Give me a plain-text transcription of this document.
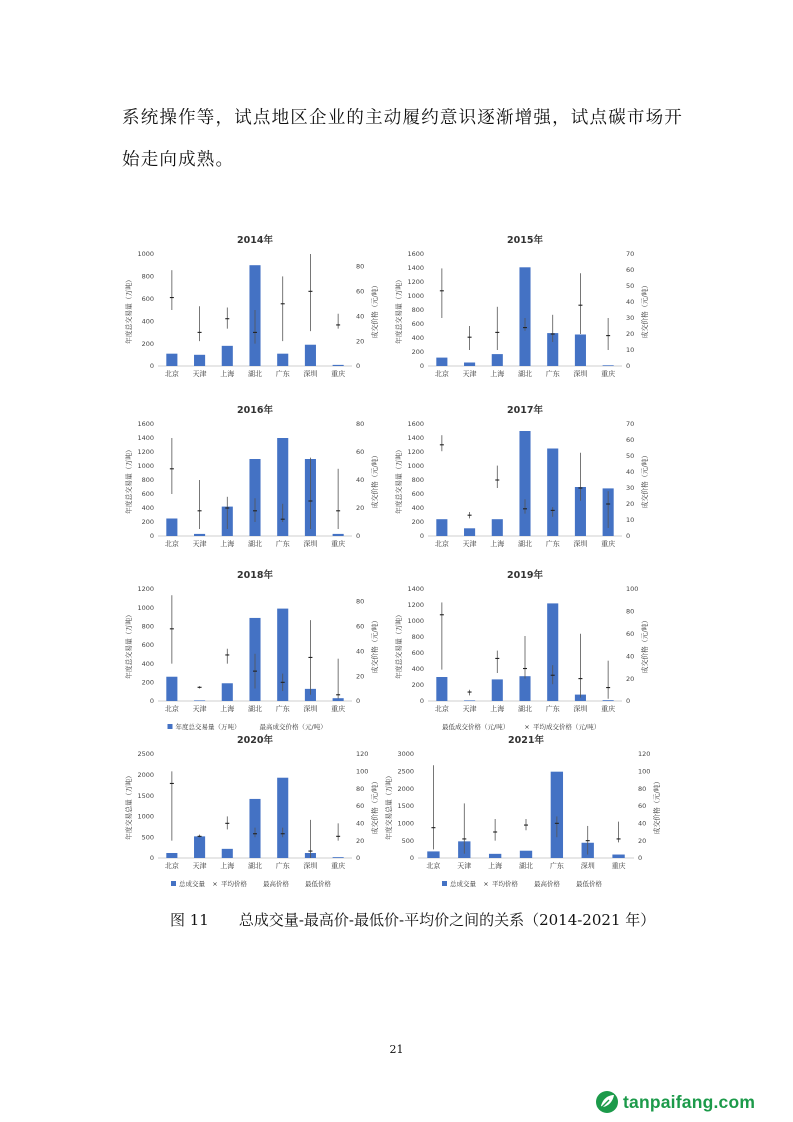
系统操作等，试点地区企业的主动履约意识逐渐增强，试点碳市场开
始走向成熟。
2014年
0
200
400
600
800
1000
0
20
40
60
80
年度总交易量（万吨）	成交价格（元/吨）
北京 天津 上海 湖北 广东 深圳 重庆
2015年
0
200
400
600
800
1000
1200
1400
1600
0
10
20
30
40
50
60
70
年度总交易量（万吨）	成交价格（元/吨）
北京 天津 上海 湖北 广东 深圳 重庆
2016年
0
200
400
600
800
1000
1200
1400
1600
0
20
40
60
80
年度总交易量（万吨）	成交价格（元/吨）
北京 天津 上海 湖北 广东 深圳 重庆
2017年
0
200
400
600
800
1000
1200
1400
1600
0
10
20
30
40
50
60
70
年度总交易量（万吨）	成交价格（元/吨）
北京 天津 上海 湖北 广东 深圳 重庆
2018年
0
200
400
600
800
1000
1200
0
20
40
60
80
年度总交易量（万吨）	成交价格（元/吨）
北京 天津 上海 湖北 广东 深圳 重庆
年度总交易量（万吨）	最高成交价格（元/吨）
2019年
0
200
400
600
800
1000
1200
1400
0
20
40
60
80
100
年度总交易量（万吨）	成交价格（元/吨）
北京 天津 上海 湖北 广东 深圳 重庆
最低成交价格（元/吨） × 平均成交价格（元/吨）
2020年
0
500
1000
1500
2000
2500
0
20
40
60
80
100
120
年度交易总量（万吨）	成交价格（元/吨）
北京 天津 上海 湖北 广东 深圳 重庆
总成交量 × 平均价格 最高价格 最低价格
2021年
0
500
1000
1500
2000
2500
3000
0
20
40
60
80
100
120
年度交易总量（万吨）	成交价格（元/吨）
北京 天津 上海 湖北 广东 深圳 重庆
总成交量 × 平均价格 最高价格 最低价格
图 11 总成交量-最高价-最低价-平均价之间的关系（2014-2021 年）
21
tanpaifang.com
